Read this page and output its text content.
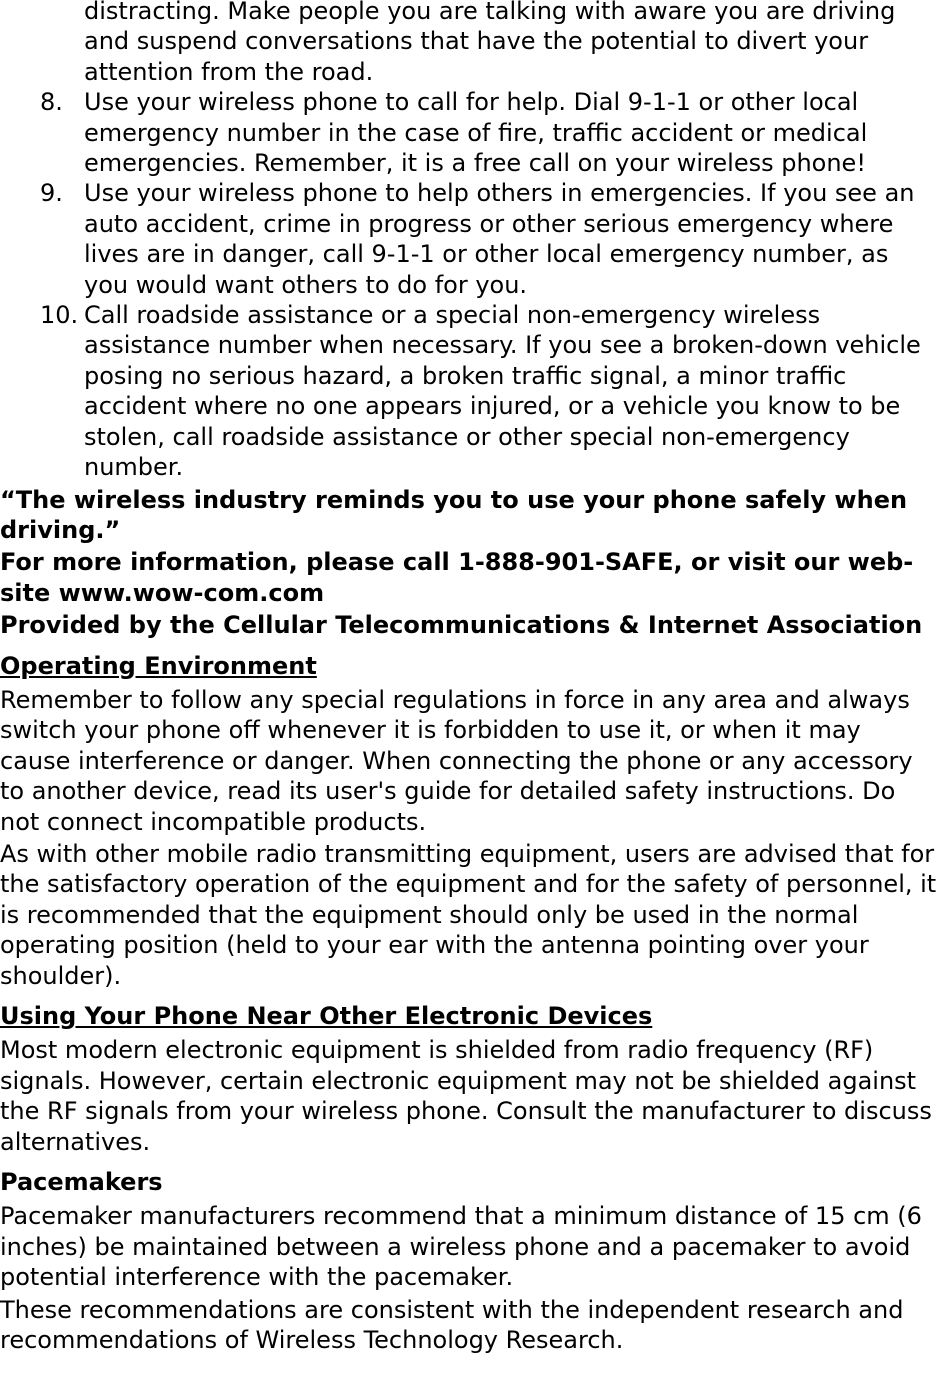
distracting. Make people you are talking with aware you are driving and suspend conversations that have the potential to divert your attention from the road.
8. Use your wireless phone to call for help. Dial 9-1-1 or other local emergency number in the case of fire, traffic accident or medical emergencies. Remember, it is a free call on your wireless phone!
9. Use your wireless phone to help others in emergencies. If you see an auto accident, crime in progress or other serious emergency where lives are in danger, call 9-1-1 or other local emergency number, as you would want others to do for you.
10. Call roadside assistance or a special non-emergency wireless assistance number when necessary. If you see a broken-down vehicle posing no serious hazard, a broken traffic signal, a minor traffic accident where no one appears injured, or a vehicle you know to be stolen, call roadside assistance or other special non-emergency number.
“The wireless industry reminds you to use your phone safely when driving.”
For more information, please call 1-888-901-SAFE, or visit our web-site www.wow-com.com
Provided by the Cellular Telecommunications & Internet Association
Operating Environment
Remember to follow any special regulations in force in any area and always switch your phone off whenever it is forbidden to use it, or when it may cause interference or danger. When connecting the phone or any accessory to another device, read its user's guide for detailed safety instructions. Do not connect incompatible products.
As with other mobile radio transmitting equipment, users are advised that for the satisfactory operation of the equipment and for the safety of personnel, it is recommended that the equipment should only be used in the normal operating position (held to your ear with the antenna pointing over your shoulder).
Using Your Phone Near Other Electronic Devices
Most modern electronic equipment is shielded from radio frequency (RF) signals. However, certain electronic equipment may not be shielded against the RF signals from your wireless phone. Consult the manufacturer to discuss alternatives.
Pacemakers
Pacemaker manufacturers recommend that a minimum distance of 15 cm (6 inches) be maintained between a wireless phone and a pacemaker to avoid potential interference with the pacemaker.
These recommendations are consistent with the independent research and recommendations of Wireless Technology Research.
